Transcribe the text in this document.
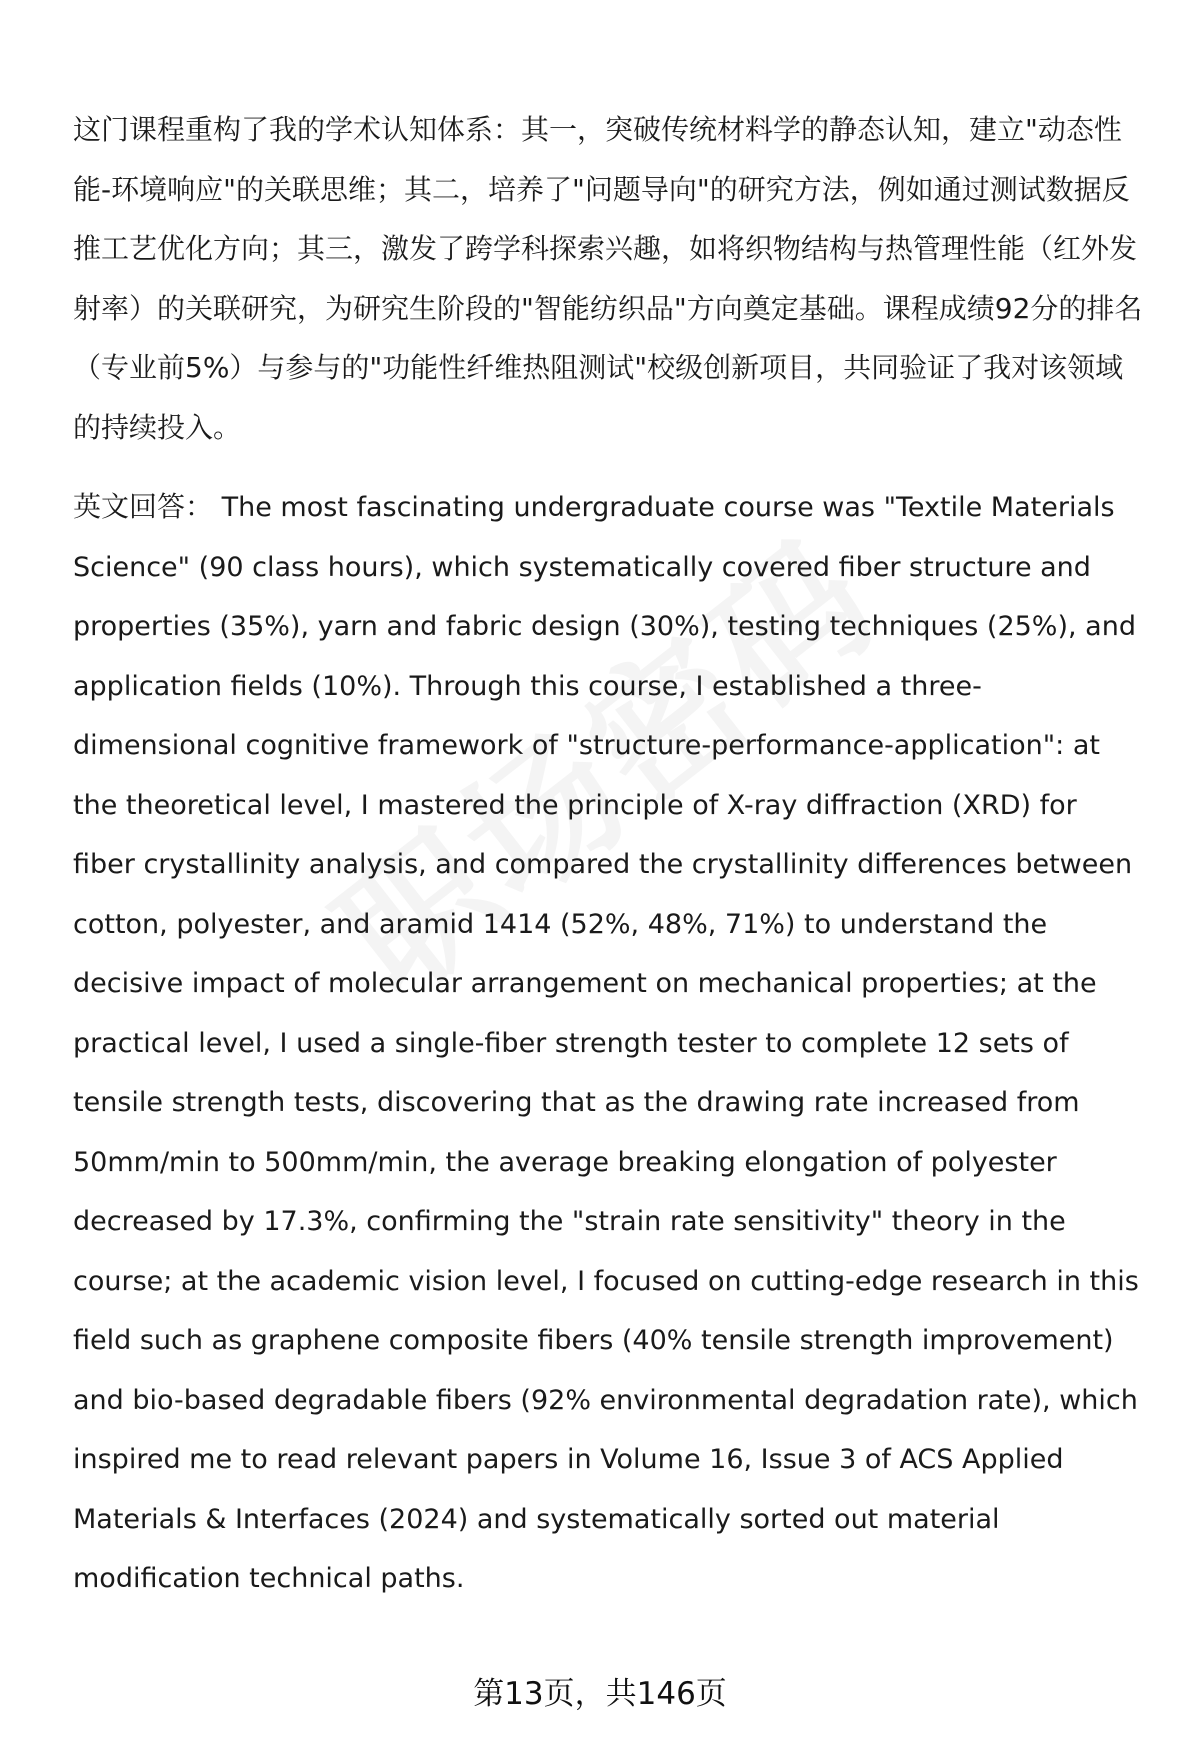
这门课程重构了我的学术认知体系：其一，突破传统材料学的静态认知，建立"动态性能-环境响应"的关联思维；其二，培养了"问题导向"的研究方法，例如通过测试数据反推工艺优化方向；其三，激发了跨学科探索兴趣，如将织物结构与热管理性能（红外发射率）的关联研究，为研究生阶段的"智能纺织品"方向奠定基础。课程成绩92分的排名（专业前5%）与参与的"功能性纤维热阻测试"校级创新项目，共同验证了我对该领域的持续投入。

英文回答： The most fascinating undergraduate course was "Textile Materials Science" (90 class hours), which systematically covered fiber structure and properties (35%), yarn and fabric design (30%), testing techniques (25%), and application fields (10%). Through this course, I established a three-dimensional cognitive framework of "structure-performance-application": at the theoretical level, I mastered the principle of X-ray diffraction (XRD) for fiber crystallinity analysis, and compared the crystallinity differences between cotton, polyester, and aramid 1414 (52%, 48%, 71%) to understand the decisive impact of molecular arrangement on mechanical properties; at the practical level, I used a single-fiber strength tester to complete 12 sets of tensile strength tests, discovering that as the drawing rate increased from 50mm/min to 500mm/min, the average breaking elongation of polyester decreased by 17.3%, confirming the "strain rate sensitivity" theory in the course; at the academic vision level, I focused on cutting-edge research in this field such as graphene composite fibers (40% tensile strength improvement) and bio-based degradable fibers (92% environmental degradation rate), which inspired me to read relevant papers in Volume 16, Issue 3 of ACS Applied Materials & Interfaces (2024) and systematically sorted out material modification technical paths.

第13页，共146页
